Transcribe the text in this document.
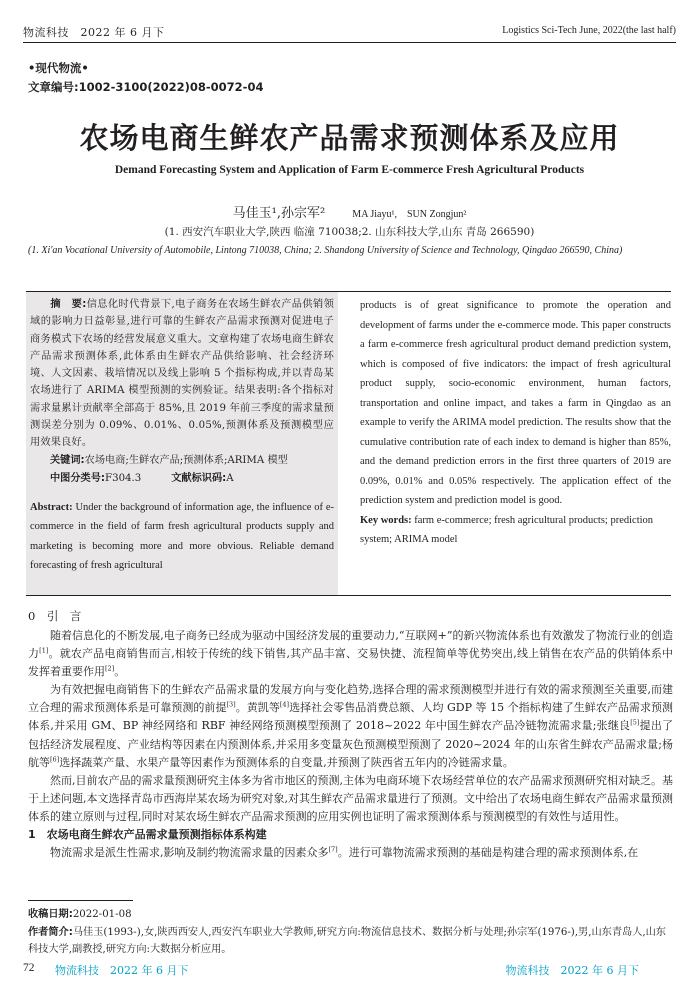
物流科技　2022 年 6 月下	Logistics Sci-Tech June, 2022(the last half)
•现代物流•
文章编号:1002-3100(2022)08-0072-04
农场电商生鲜农产品需求预测体系及应用
Demand Forecasting System and Application of Farm E-commerce Fresh Agricultural Products
马佳玉¹,孙宗军²	MA Jiayu¹,　SUN Zongjun²
(1. 西安汽车职业大学,陕西 临潼 710038;2. 山东科技大学,山东 青岛 266590)
(1. Xi'an Vocational University of Automobile, Lintong 710038, China; 2. Shandong University of Science and Technology, Qingdao 266590, China)

摘　要:信息化时代背景下,电子商务在农场生鲜农产品供销领域的影响力日益彰显,进行可靠的生鲜农产品需求预测对促进电子商务模式下农场的经营发展意义重大。文章构建了农场电商生鲜农产品需求预测体系,此体系由生鲜农产品供给影响、社会经济环境、人文因素、栽培情况以及线上影响 5 个指标构成,并以青岛某农场进行了 ARIMA 模型预测的实例验证。结果表明:各个指标对需求量累计贡献率全部高于 85%,且 2019 年前三季度的需求量预测误差分别为 0.09%、0.01%、0.05%,预测体系及预测模型应用效果良好。

关键词:农场电商;生鲜农产品;预测体系;ARIMA 模型

中图分类号:F304.3	文献标识码:A

Abstract: Under the background of information age, the influence of e-commerce in the field of farm fresh agricultural products supply and marketing is becoming more and more obvious. Reliable demand forecasting of fresh agricultural

products is of great significance to promote the operation and development of farms under the e-commerce mode. This paper constructs a farm e-commerce fresh agricultural product demand prediction system, which is composed of five indicators: the impact of fresh agricultural product supply, socio-economic environment, human factors, transportation and online impact, and takes a farm in Qingdao as an example to verify the ARIMA model prediction. The results show that the cumulative contribution rate of each index to demand is higher than 85%, and the demand prediction errors in the first three quarters of 2019 are 0.09%, 0.01% and 0.05% respectively. The application effect of the prediction system and prediction model is good.

Key words: farm e-commerce; fresh agricultural products; prediction system; ARIMA model

0　 引　言

随着信息化的不断发展,电子商务已经成为驱动中国经济发展的重要动力,“互联网+”的新兴物流体系也有效激发了物流行业的创造力[1]。就农产品电商销售而言,相较于传统的线下销售,其产品丰富、交易快捷、流程简单等优势突出,线上销售在农产品的供销体系中发挥着重要作用[2]。

为有效把握电商销售下的生鲜农产品需求量的发展方向与变化趋势,选择合理的需求预测模型并进行有效的需求预测至关重要,而建立合理的需求预测体系是可靠预测的前提[3]。黄凯等[4]选择社会零售品消费总额、人均 GDP 等 15 个指标构建了生鲜农产品需求预测体系,并采用 GM、BP 神经网络和 RBF 神经网络预测模型预测了 2018~2022 年中国生鲜农产品冷链物流需求量;张继良[5]提出了包括经济发展程度、产业结构等因素在内预测体系,并采用多变量灰色预测模型预测了 2020~2024 年的山东省生鲜农产品需求量;杨航等[6]选择蔬菜产量、水果产量等因素作为预测体系的自变量,并预测了陕西省五年内的冷链需求量。

然而,目前农产品的需求量预测研究主体多为省市地区的预测,主体为电商环境下农场经营单位的农产品需求预测研究相对缺乏。基于上述问题,本文选择青岛市西海岸某农场为研究对象,对其生鲜农产品需求量进行了预测。文中给出了农场电商生鲜农产品需求量预测体系的建立原则与过程,同时对某农场生鲜农产品需求预测的应用实例也证明了需求预测体系与预测模型的有效性与适用性。

1　 农场电商生鲜农产品需求量预测指标体系构建

物流需求是派生性需求,影响及制约物流需求量的因素众多[7]。进行可靠物流需求预测的基础是构建合理的需求预测体系,在

收稿日期:2022-01-08

作者简介:马佳玉(1993-),女,陕西西安人,西安汽车职业大学教师,研究方向:物流信息技术、数据分析与处理;孙宗军(1976-),男,山东青岛人,山东科技大学,副教授,研究方向:大数据分析应用。

72 物流科技　2022 年 6 月下	物流科技　2022 年 6 月下
